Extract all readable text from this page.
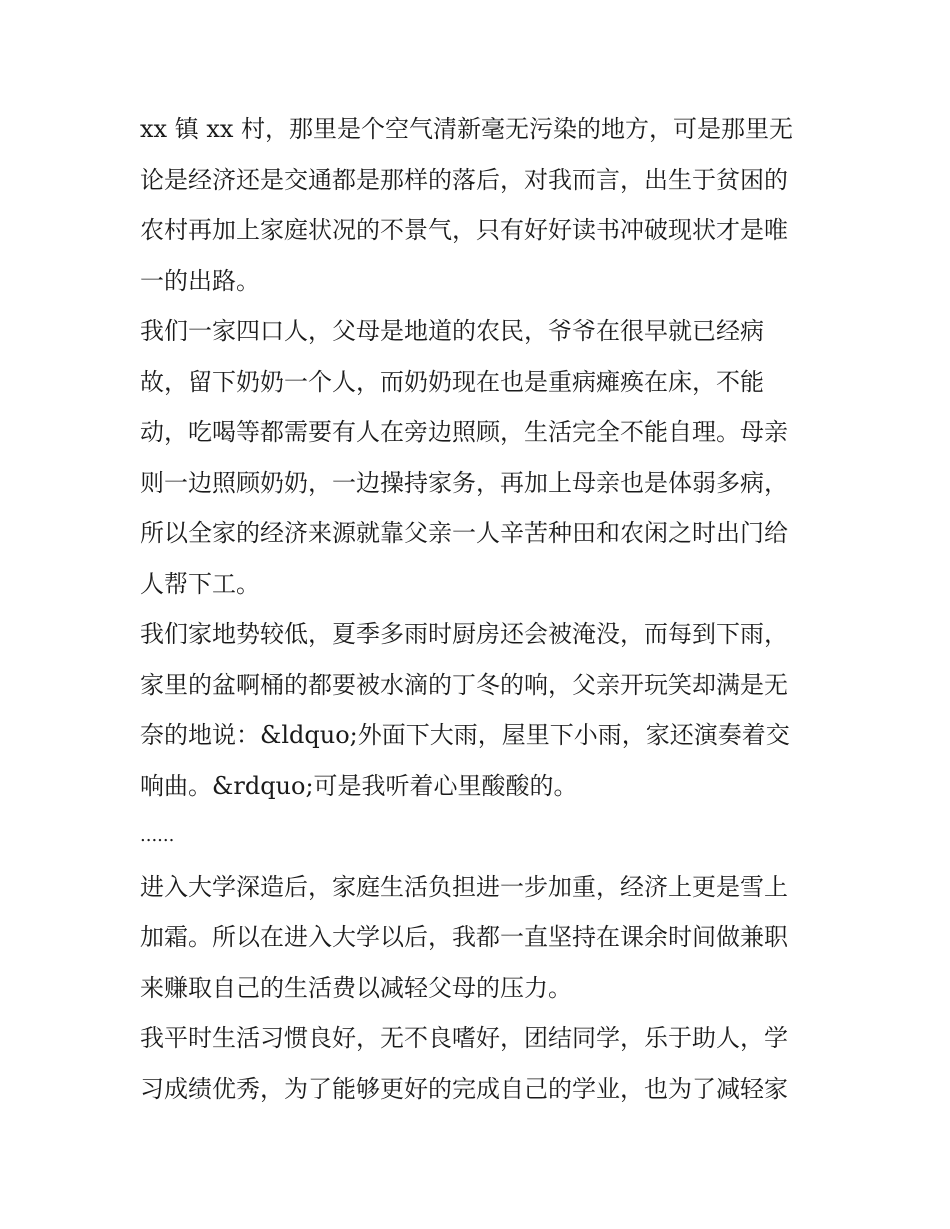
xx 镇 xx 村，那里是个空气清新毫无污染的地方，可是那里无
论是经济还是交通都是那样的落后，对我而言，出生于贫困的
农村再加上家庭状况的不景气，只有好好读书冲破现状才是唯
一的出路。

我们一家四口人，父母是地道的农民，爷爷在很早就已经病
故，留下奶奶一个人，而奶奶现在也是重病瘫痪在床，不能
动，吃喝等都需要有人在旁边照顾，生活完全不能自理。母亲
则一边照顾奶奶，一边操持家务，再加上母亲也是体弱多病，
所以全家的经济来源就靠父亲一人辛苦种田和农闲之时出门给
人帮下工。

我们家地势较低，夏季多雨时厨房还会被淹没，而每到下雨，
家里的盆啊桶的都要被水滴的丁冬的响，父亲开玩笑却满是无
奈的地说：&ldquo;外面下大雨，屋里下小雨，家还演奏着交
响曲。&rdquo;可是我听着心里酸酸的。

......

进入大学深造后，家庭生活负担进一步加重，经济上更是雪上
加霜。所以在进入大学以后，我都一直坚持在课余时间做兼职
来赚取自己的生活费以减轻父母的压力。

我平时生活习惯良好，无不良嗜好，团结同学，乐于助人，学
习成绩优秀，为了能够更好的完成自己的学业，也为了减轻家
